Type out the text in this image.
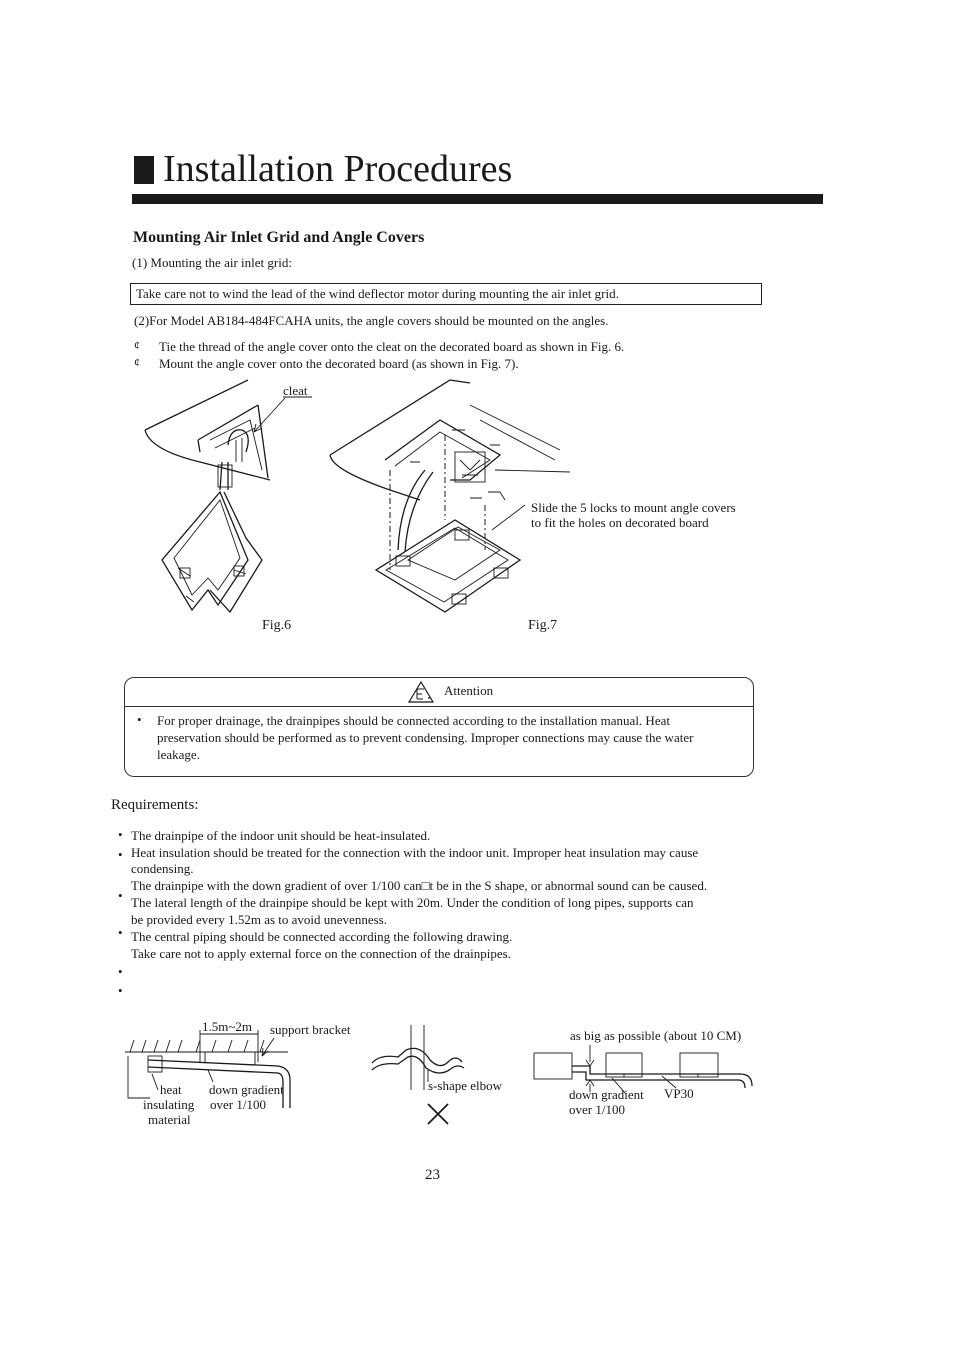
Installation Procedures
Mounting Air Inlet Grid and Angle Covers
(1) Mounting the air inlet grid:
Take care not to wind the lead of the wind deflector motor during mounting the air inlet grid.
(2)For Model AB184-484FCAHA units, the angle covers should be mounted on the angles.
¢ Tie the thread of the angle cover onto the cleat on the decorated board as shown in Fig. 6.
¢ Mount the angle cover onto the decorated board (as shown in Fig. 7).
cleat
Slide the 5 locks to mount angle covers
to fit the holes on decorated board
Fig.6	Fig.7
Attention
• For proper drainage, the drainpipes should be connected according to the installation manual. Heat
preservation should be performed as to prevent condensing. Improper connections may cause the water
leakage.
Requirements:
•
•
•
•
•
•
The drainpipe of the indoor unit should be heat-insulated.
Heat insulation should be treated for the connection with the indoor unit. Improper heat insulation may cause
condensing.
The drainpipe with the down gradient of over 1/100 can□t be in the S shape, or abnormal sound can be caused.
The lateral length of the drainpipe should be kept with 20m. Under the condition of long pipes, supports can
be provided every 1.52m as to avoid unevenness.
The central piping should be connected according the following drawing.
Take care not to apply external force on the connection of the drainpipes.
1.5m~2m support bracket
heat
insulating
material
down gradient
over 1/100
s-shape elbow
as big as possible (about 10 CM)
down gradient
over 1/100
VP30
23
